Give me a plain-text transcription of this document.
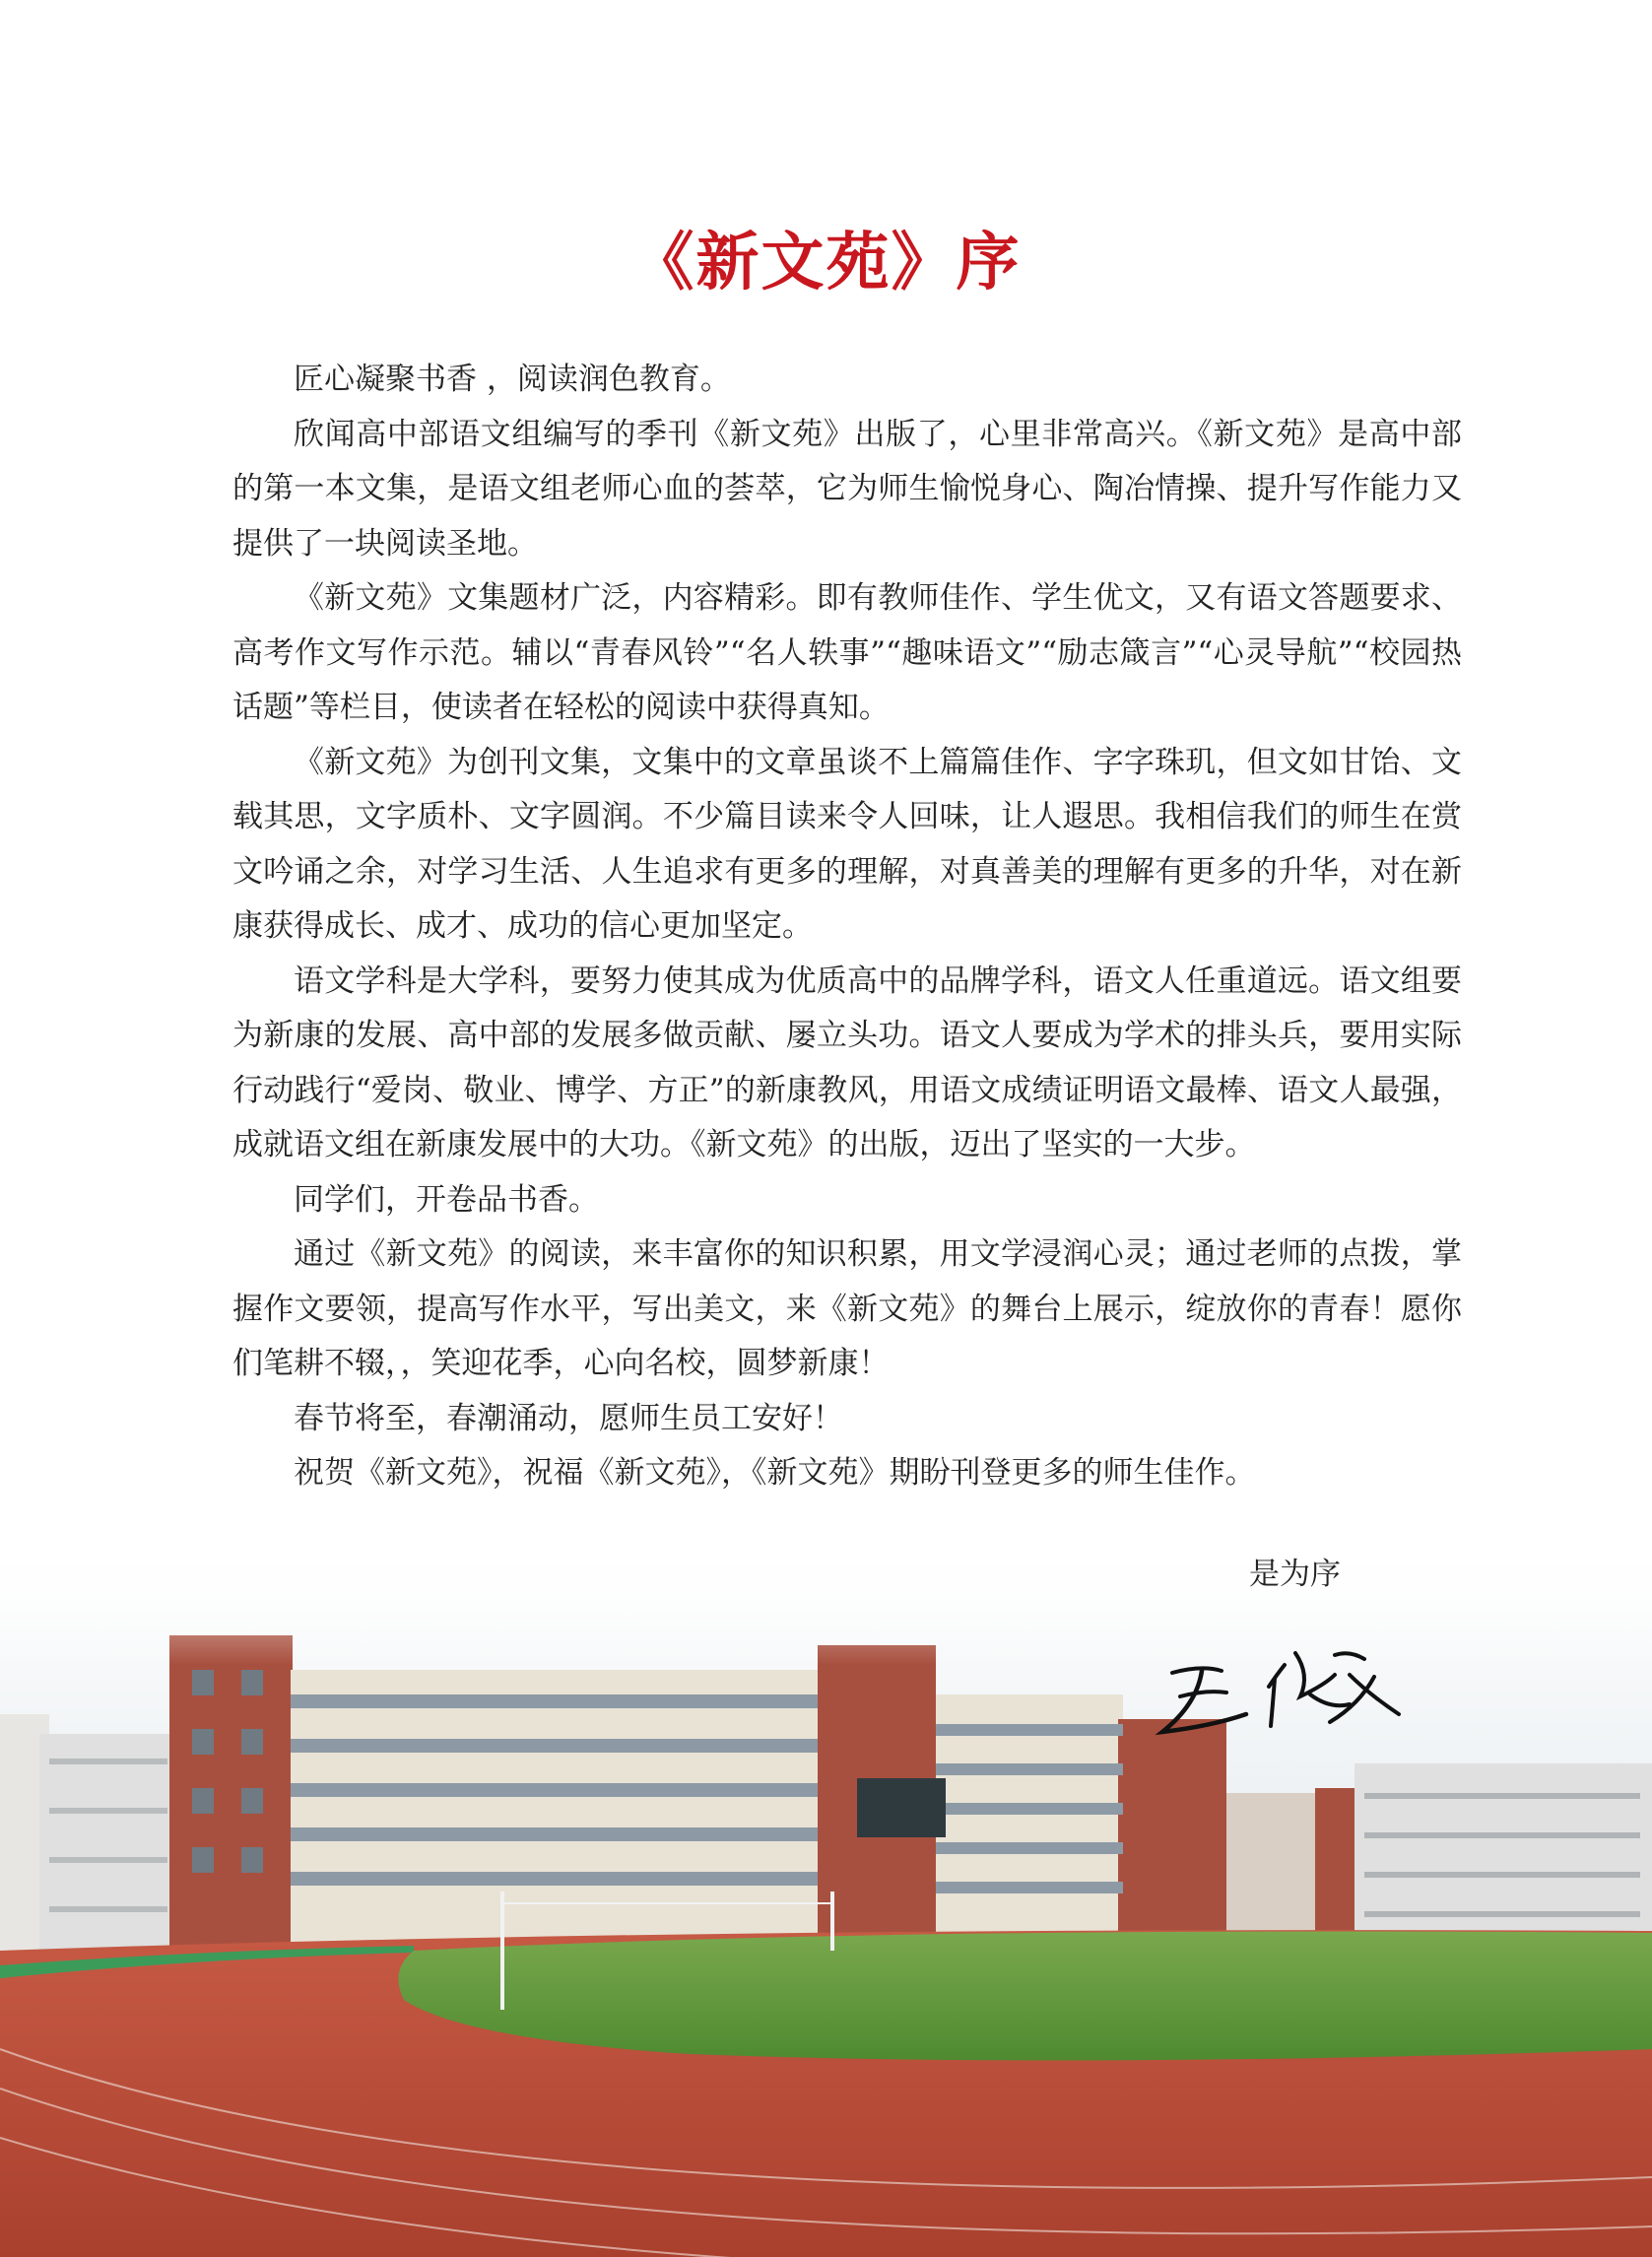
《新文苑》序

匠心凝聚书香 ，阅读润色教育。

欣闻高中部语文组编写的季刊《新文苑》出版了，心里非常高兴。《新文苑》是高中部的第一本文集，是语文组老师心血的荟萃，它为师生愉悦身心、陶冶情操、提升写作能力又提供了一块阅读圣地。

《新文苑》文集题材广泛，内容精彩。即有教师佳作、学生优文，又有语文答题要求、高考作文写作示范。辅以“青春风铃”“名人轶事”“趣味语文”“励志箴言”“心灵导航”“校园热话题”等栏目，使读者在轻松的阅读中获得真知。

《新文苑》为创刊文集，文集中的文章虽谈不上篇篇佳作、字字珠玑，但文如甘饴、文载其思，文字质朴、文字圆润。不少篇目读来令人回味，让人遐思。我相信我们的师生在赏文吟诵之余，对学习生活、人生追求有更多的理解，对真善美的理解有更多的升华，对在新康获得成长、成才、成功的信心更加坚定。

语文学科是大学科，要努力使其成为优质高中的品牌学科，语文人任重道远。语文组要为新康的发展、高中部的发展多做贡献、屡立头功。语文人要成为学术的排头兵，要用实际行动践行“爱岗、敬业、博学、方正”的新康教风，用语文成绩证明语文最棒、语文人最强，成就语文组在新康发展中的大功。《新文苑》的出版，迈出了坚实的一大步。

同学们，开卷品书香。

通过《新文苑》的阅读，来丰富你的知识积累，用文学浸润心灵；通过老师的点拨，掌握作文要领，提高写作水平，写出美文，来《新文苑》的舞台上展示，绽放你的青春！愿你们笔耕不辍，，笑迎花季，心向名校，圆梦新康！

春节将至，春潮涌动，愿师生员工安好！

祝贺《新文苑》，祝福《新文苑》，《新文苑》期盼刊登更多的师生佳作。

是为序
